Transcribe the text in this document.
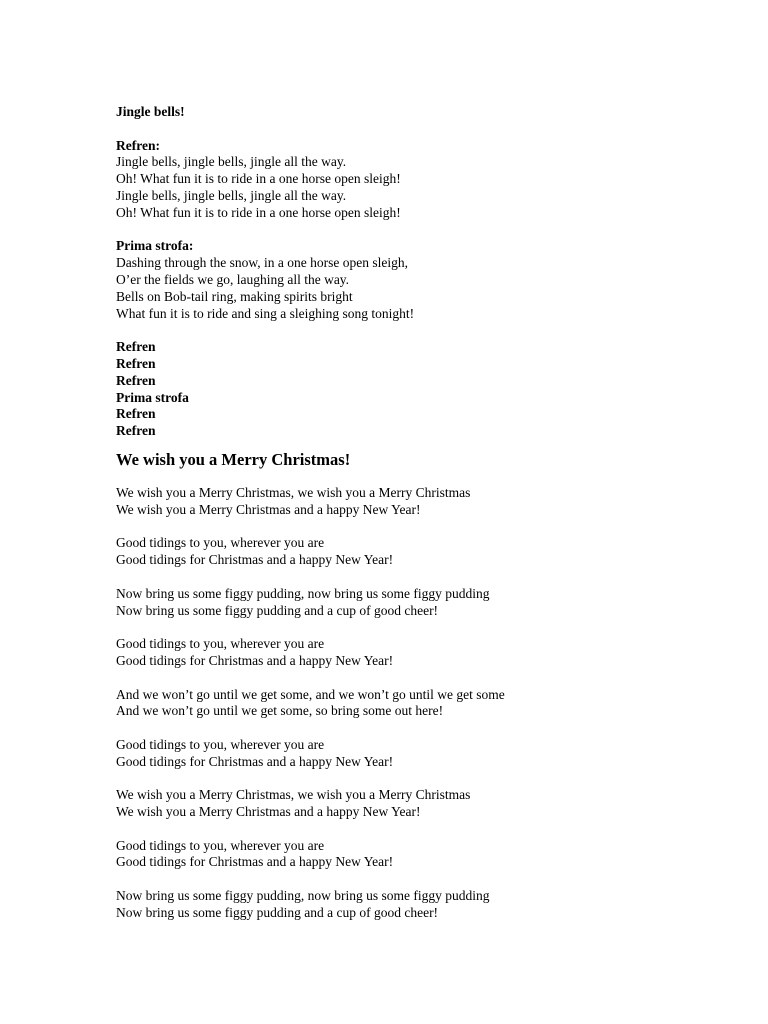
Jingle bells!
Refren:
Jingle bells, jingle bells, jingle all the way.
Oh! What fun it is to ride in a one horse open sleigh!
Jingle bells, jingle bells, jingle all the way.
Oh! What fun it is to ride in a one horse open sleigh!
Prima strofa:
Dashing through the snow, in a one horse open sleigh,
O’er the fields we go, laughing all the way.
Bells on Bob-tail ring, making spirits bright
What fun it is to ride and sing a sleighing song tonight!
Refren
Refren
Refren
Prima strofa
Refren
Refren
We wish you a Merry Christmas!
We wish you a Merry Christmas, we wish you a Merry Christmas
We wish you a Merry Christmas and a happy New Year!
Good tidings to you, wherever you are
Good tidings for Christmas and a happy New Year!
Now bring us some figgy pudding, now bring us some figgy pudding
Now bring us some figgy pudding and a cup of good cheer!
Good tidings to you, wherever you are
Good tidings for Christmas and a happy New Year!
And we won’t go until we get some, and we won’t go until we get some
And we won’t go until we get some, so bring some out here!
Good tidings to you, wherever you are
Good tidings for Christmas and a happy New Year!
We wish you a Merry Christmas, we wish you a Merry Christmas
We wish you a Merry Christmas and a happy New Year!
Good tidings to you, wherever you are
Good tidings for Christmas and a happy New Year!
Now bring us some figgy pudding, now bring us some figgy pudding
Now bring us some figgy pudding and a cup of good cheer!
